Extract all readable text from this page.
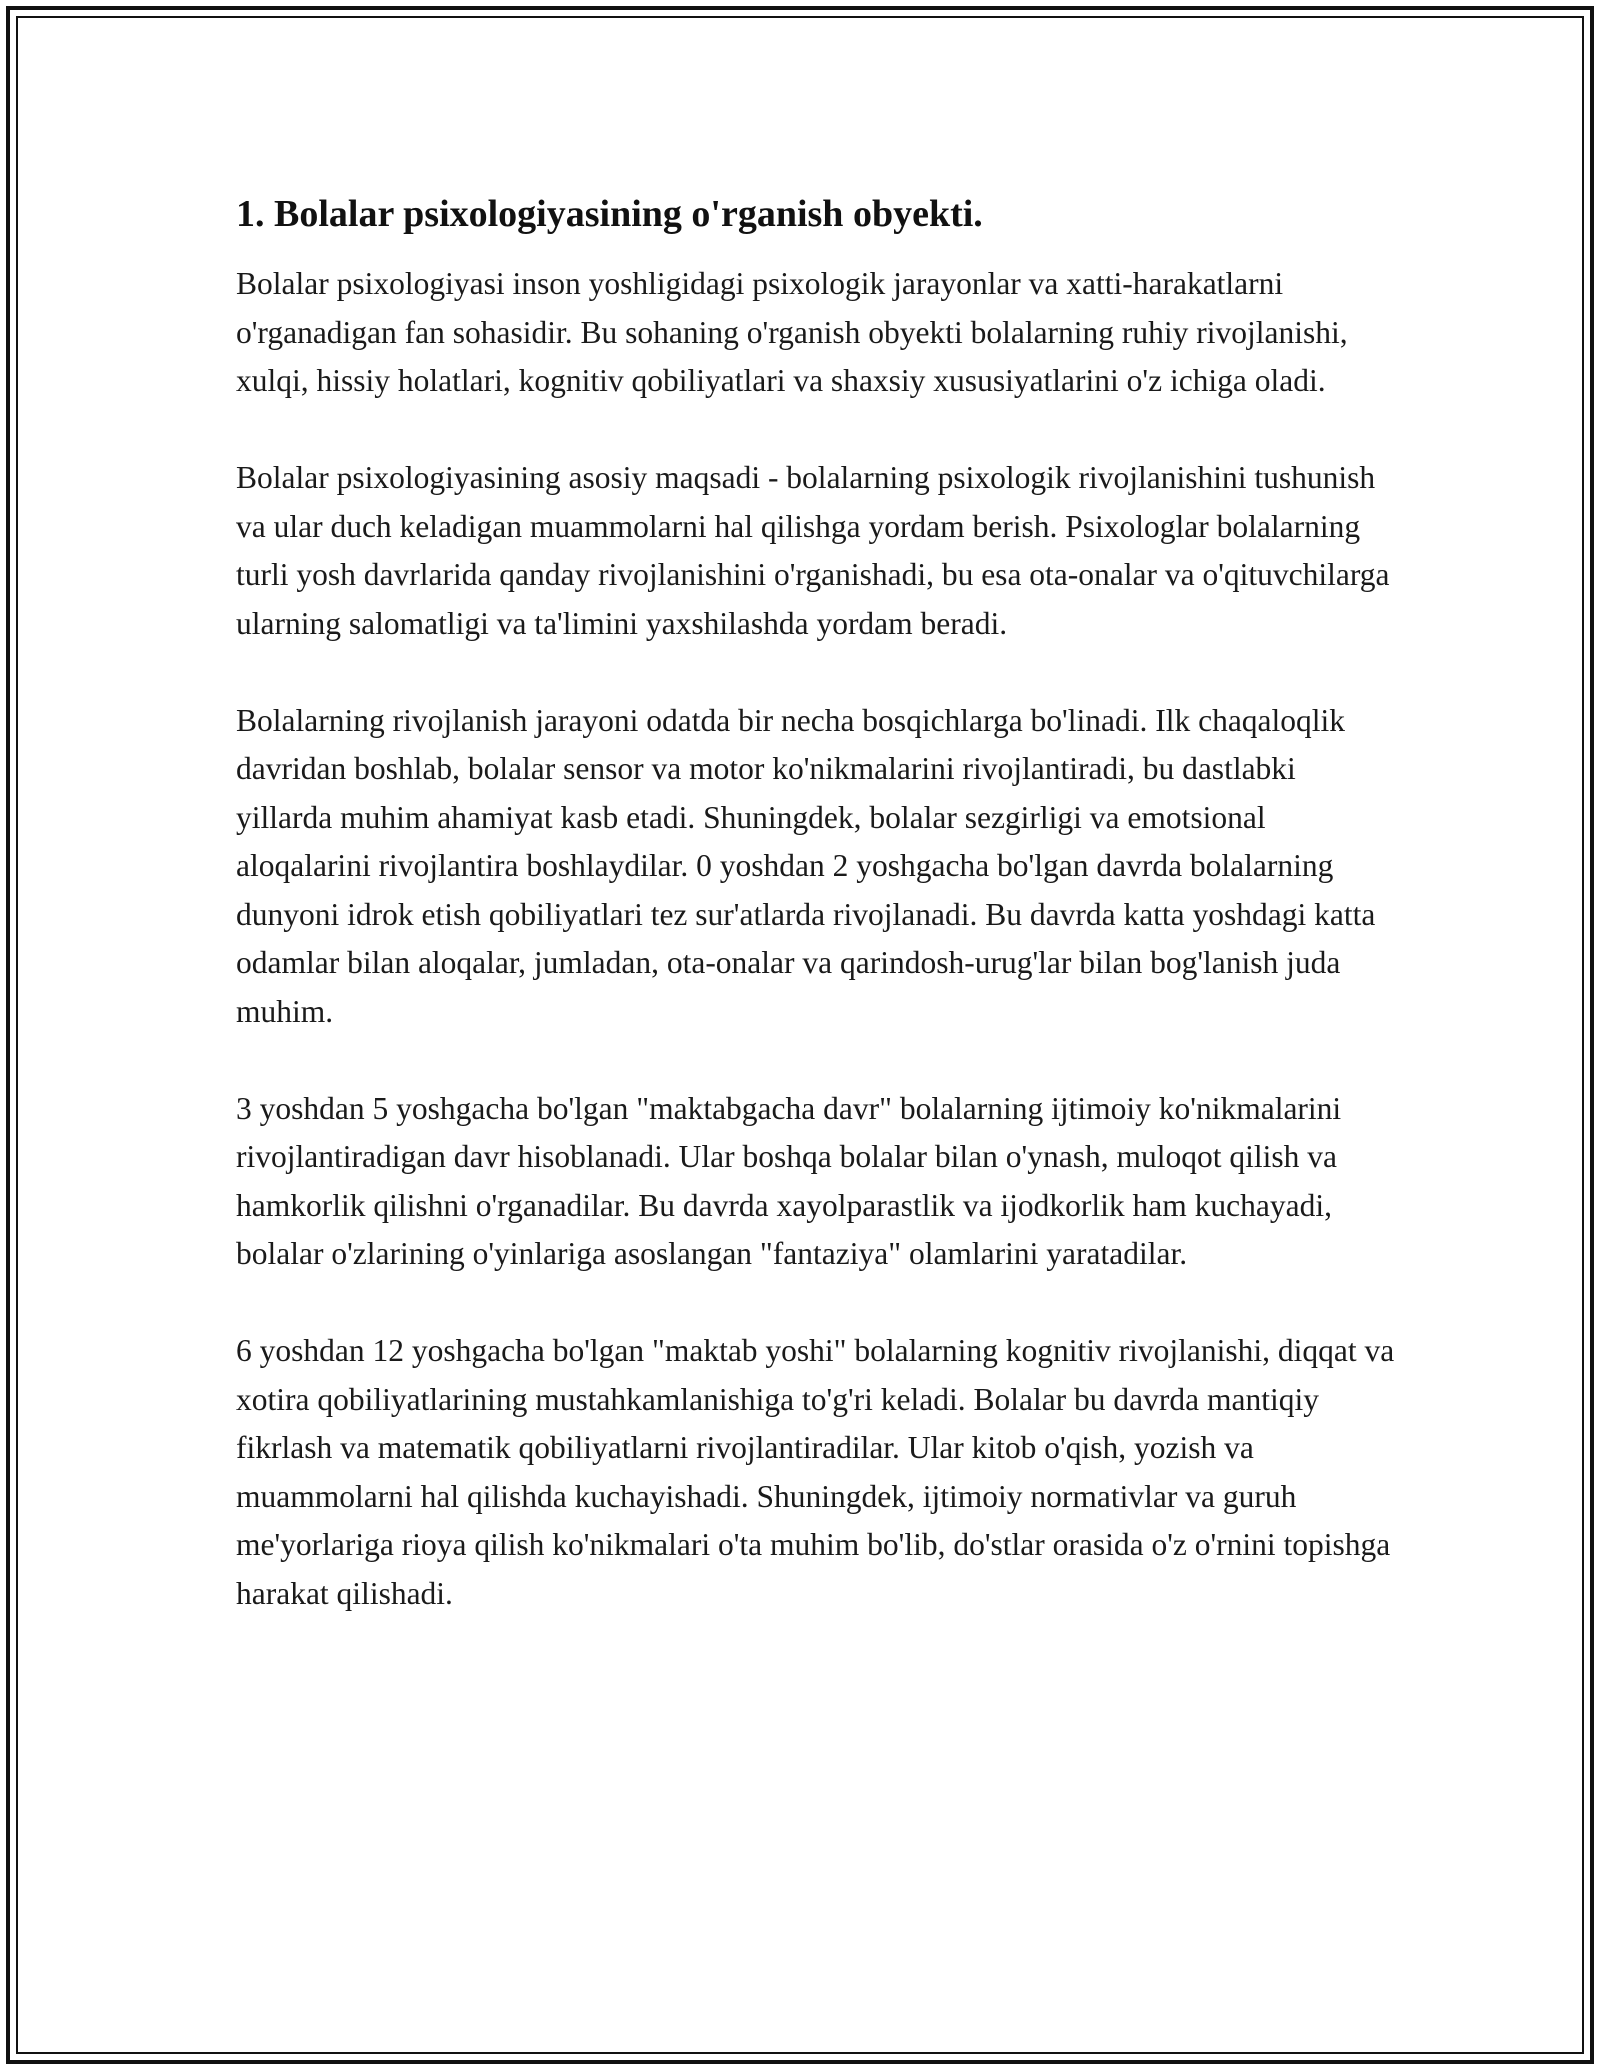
1. Bolalar psixologiyasining o'rganish obyekti.

Bolalar psixologiyasi inson yoshligidagi psixologik jarayonlar va xatti-harakatlarni o'rganadigan fan sohasidir. Bu sohaning o'rganish obyekti bolalarning ruhiy rivojlanishi, xulqi, hissiy holatlari, kognitiv qobiliyatlari va shaxsiy xususiyatlarini o'z ichiga oladi.

Bolalar psixologiyasining asosiy maqsadi - bolalarning psixologik rivojlanishini tushunish va ular duch keladigan muammolarni hal qilishga yordam berish. Psixologlar bolalarning turli yosh davrlarida qanday rivojlanishini o'rganishadi, bu esa ota-onalar va o'qituvchilarga ularning salomatligi va ta'limini yaxshilashda yordam beradi.

Bolalarning rivojlanish jarayoni odatda bir necha bosqichlarga bo'linadi. Ilk chaqaloqlik davridan boshlab, bolalar sensor va motor ko'nikmalarini rivojlantiradi, bu dastlabki yillarda muhim ahamiyat kasb etadi. Shuningdek, bolalar sezgirligi va emotsional aloqalarini rivojlantira boshlaydilar. 0 yoshdan 2 yoshgacha bo'lgan davrda bolalarning dunyoni idrok etish qobiliyatlari tez sur'atlarda rivojlanadi. Bu davrda katta yoshdagi katta odamlar bilan aloqalar, jumladan, ota-onalar va qarindosh-urug'lar bilan bog'lanish juda muhim.

3 yoshdan 5 yoshgacha bo'lgan "maktabgacha davr" bolalarning ijtimoiy ko'nikmalarini rivojlantiradigan davr hisoblanadi. Ular boshqa bolalar bilan o'ynash, muloqot qilish va hamkorlik qilishni o'rganadilar. Bu davrda xayolparastlik va ijodkorlik ham kuchayadi, bolalar o'zlarining o'yinlariga asoslangan "fantaziya" olamlarini yaratadilar.

6 yoshdan 12 yoshgacha bo'lgan "maktab yoshi" bolalarning kognitiv rivojlanishi, diqqat va xotira qobiliyatlarining mustahkamlanishiga to'g'ri keladi. Bolalar bu davrda mantiqiy fikrlash va matematik qobiliyatlarni rivojlantiradilar. Ular kitob o'qish, yozish va muammolarni hal qilishda kuchayishadi. Shuningdek, ijtimoiy normativlar va guruh me'yorlariga rioya qilish ko'nikmalari o'ta muhim bo'lib, do'stlar orasida o'z o'rnini topishga harakat qilishadi.
